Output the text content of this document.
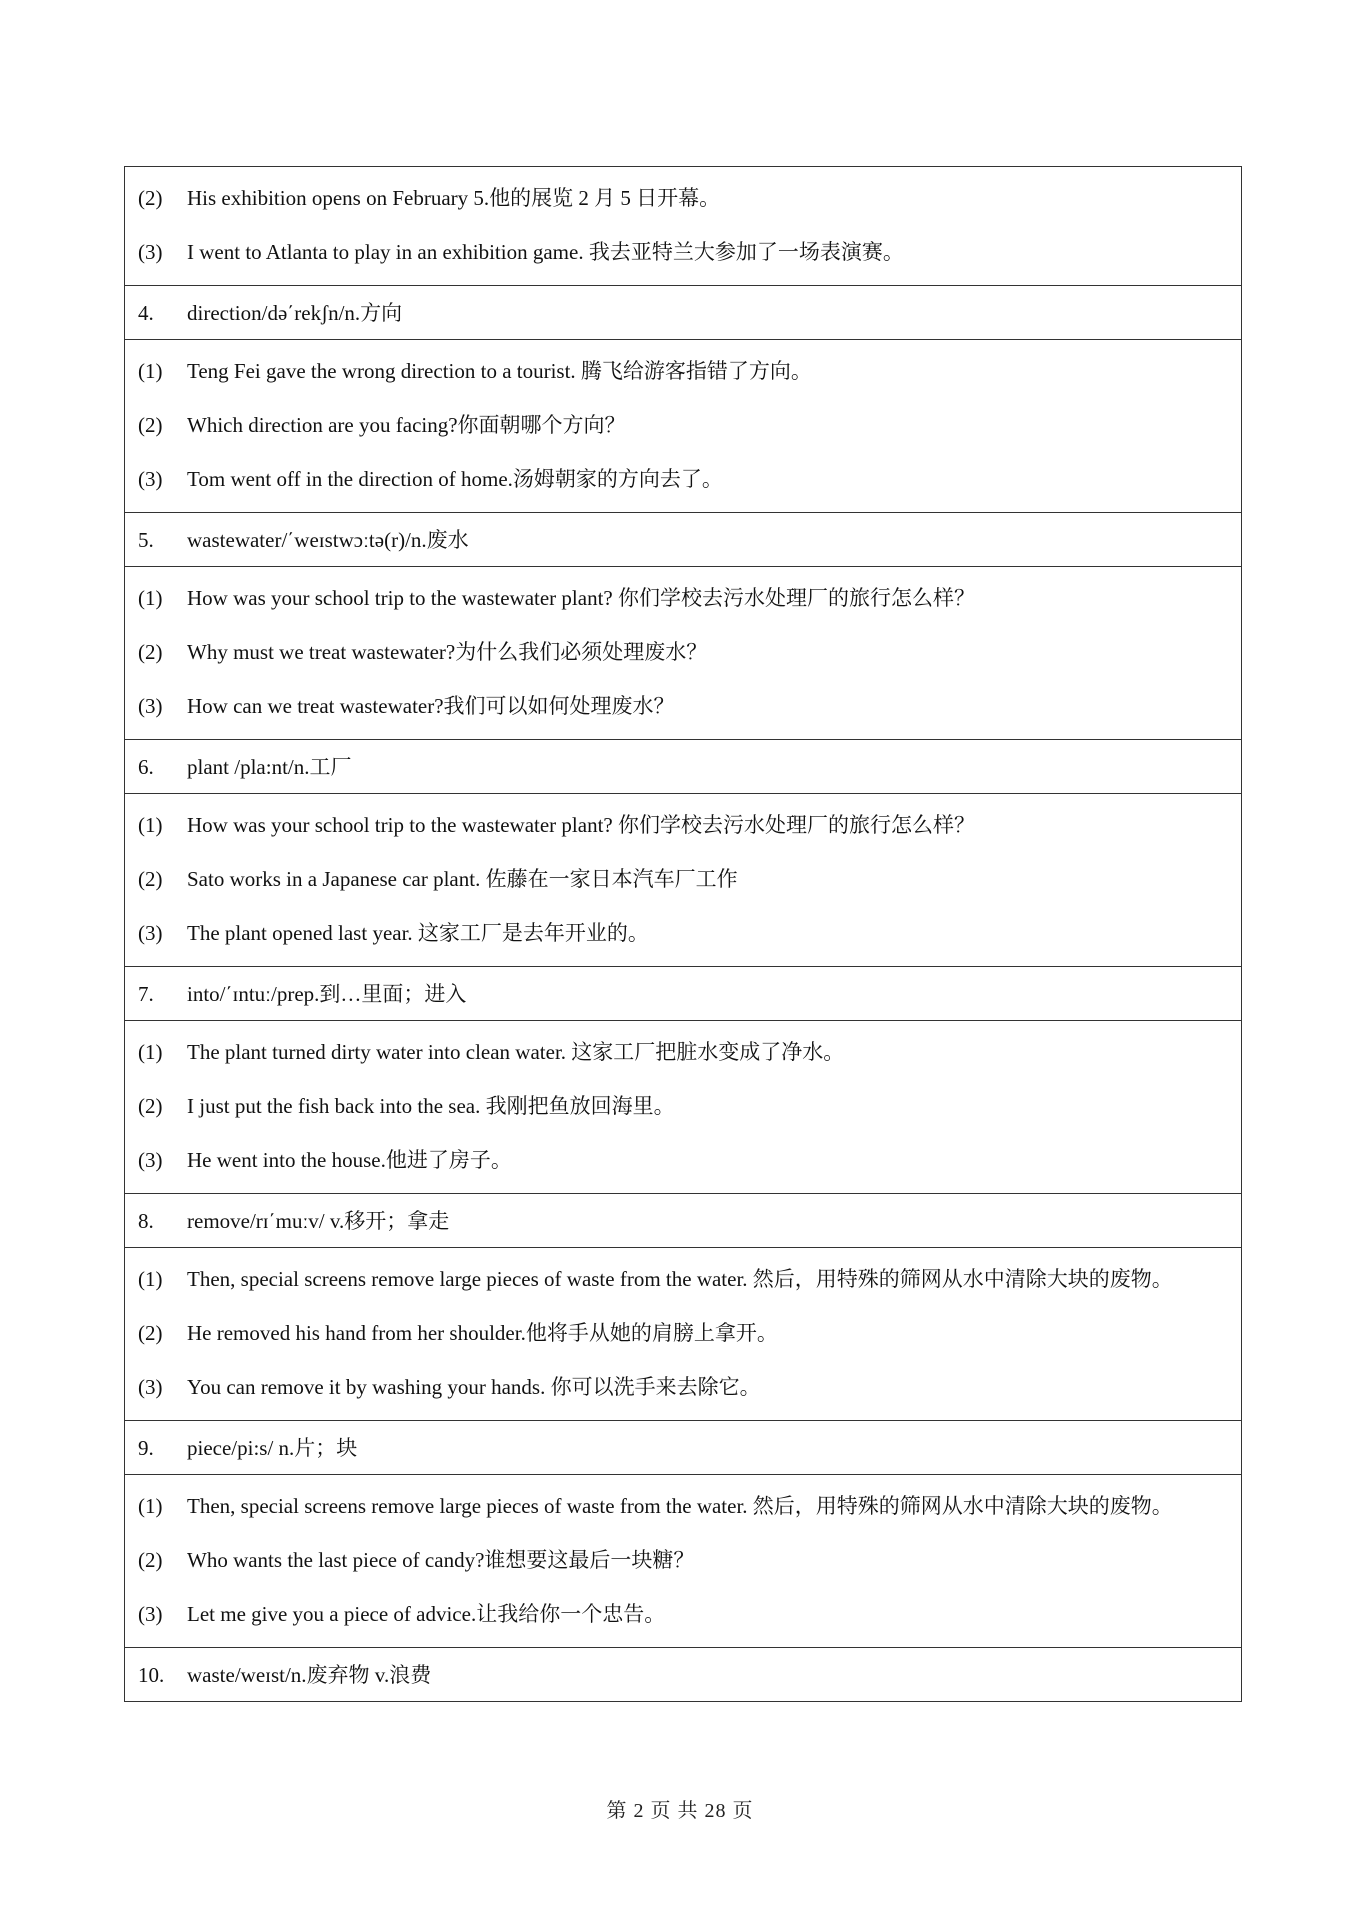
(2)	His exhibition opens on February 5.他的展览 2 月 5 日开幕。
(3)	I went to Atlanta to play in an exhibition game. 我去亚特兰大参加了一场表演赛。
4.	direction/də΄rekʃn/n.方向
(1)	Teng Fei gave the wrong direction to a tourist. 腾飞给游客指错了方向。
(2)	Which direction are you facing?你面朝哪个方向？
(3)	Tom went off in the direction of home.汤姆朝家的方向去了。
5.	wastewater/΄weɪstwɔːtə(r)/n.废水
(1)	How was your school trip to the wastewater plant? 你们学校去污水处理厂的旅行怎么样？
(2)	Why must we treat wastewater?为什么我们必须处理废水？
(3)	How can we treat wastewater?我们可以如何处理废水？
6.	plant /pla:nt/n.工厂
(1)	How was your school trip to the wastewater plant? 你们学校去污水处理厂的旅行怎么样？
(2)	Sato works in a Japanese car plant. 佐藤在一家日本汽车厂工作
(3)	The plant opened last year. 这家工厂是去年开业的。
7.	into/΄ɪntuː/prep.到…里面；进入
(1)	The plant turned dirty water into clean water. 这家工厂把脏水变成了净水。
(2)	I just put the fish back into the sea. 我刚把鱼放回海里。
(3)	He went into the house.他进了房子。
8.	remove/rɪ΄muːv/ v.移开；拿走
(1)	Then, special screens remove large pieces of waste from the water. 然后，用特殊的筛网从水中清除大块的废物。
(2)	He removed his hand from her shoulder.他将手从她的肩膀上拿开。
(3)	You can remove it by washing your hands. 你可以洗手来去除它。
9.	piece/pi:s/ n.片；块
(1)	Then, special screens remove large pieces of waste from the water. 然后，用特殊的筛网从水中清除大块的废物。
(2)	Who wants the last piece of candy?谁想要这最后一块糖？
(3)	Let me give you a piece of advice.让我给你一个忠告。
10.	waste/weɪst/n.废弃物 v.浪费
第 2 页 共 28 页
